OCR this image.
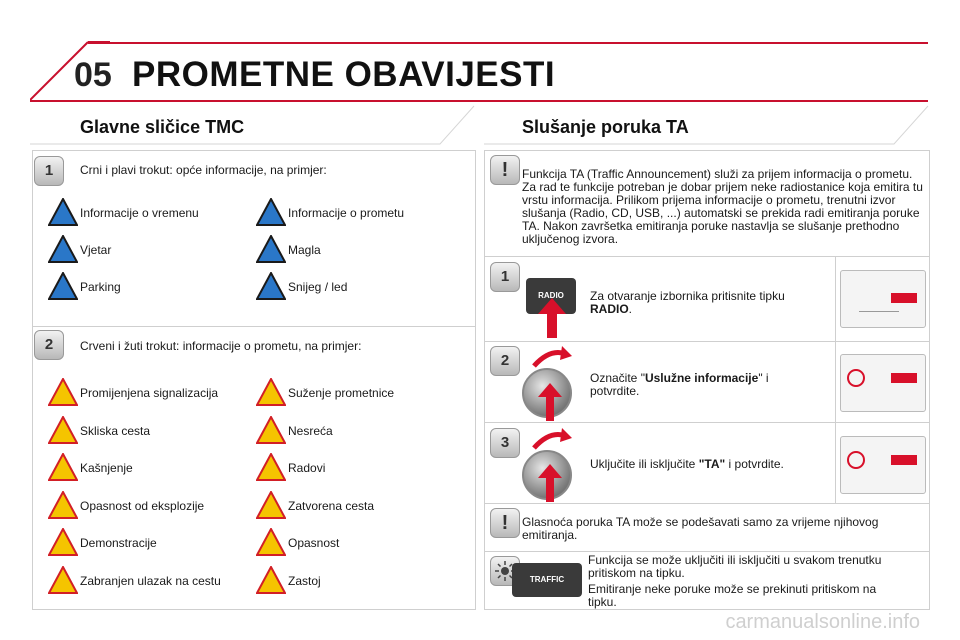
05 PROMETNE OBAVIJESTI
Glavne sličice TMC
1	Crni i plavi trokut: opće informacije, na primjer:
Informacije o vremenu	Informacije o prometu
Vjetar	Magla
Parking	Snijeg / led
2	Crveni i žuti trokut: informacije o prometu, na primjer:
Promijenjena signalizacija	Suženje prometnice
Skliska cesta	Nesreća
Kašnjenje	Radovi
Opasnost od eksplozije	Zatvorena cesta
Demonstracije	Opasnost
Zabranjen ulazak na cestu	Zastoj
Slušanje poruka TA
!	Funkcija TA (Traffic Announcement) služi za prijem informacija o prometu. Za rad te funkcije potreban je dobar prijem neke radiostanice koja emitira tu vrstu informacija. Prilikom prijema informacije o prometu, trenutni izvor slušanja (Radio, CD, USB, ...) automatski se prekida radi emitiranja poruke TA. Nakon završetka emitiranja poruke nastavlja se slušanje prethodno uključenog izvora.
1
RADIO	Za otvaranje izbornika pritisnite tipku RADIO.
2
Označite "Uslužne informacije" i potvrdite.
3
Uključite ili isključite "TA" i potvrdite.
!	Glasnoća poruka TA može se podešavati samo za vrijeme njihovog emitiranja.
TRAFFIC
Funkcija se može uključiti ili isključiti u svakom trenutku pritiskom na tipku.
Emitiranje neke poruke može se prekinuti pritiskom na tipku.
carmanualsonline.info
